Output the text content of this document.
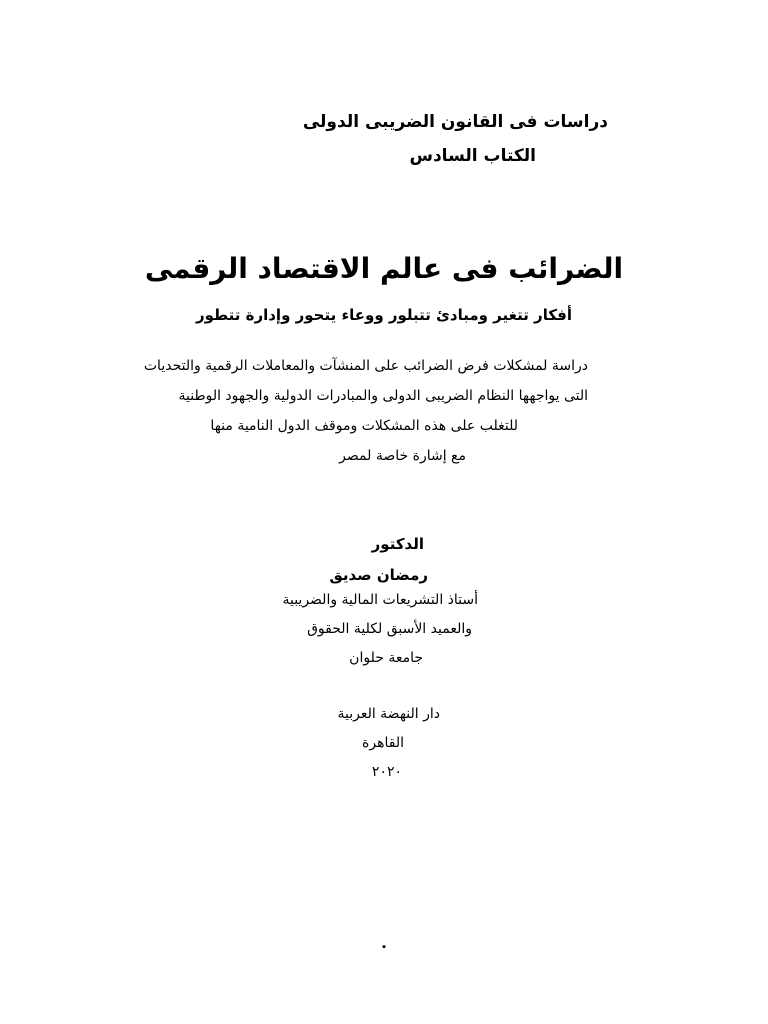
دراسات فى القانون الضريبى الدولى
الكتاب السادس
الضرائب فى عالم الاقتصاد الرقمى
أفكار تتغير ومبادئ تتبلور ووعاء يتحور وإدارة تتطور
دراسة لمشكلات فرض الضرائب على المنشآت والمعاملات الرقمية والتحديات
التى يواجهها النظام الضريبى الدولى والمبادرات الدولية والجهود الوطنية
للتغلب على هذه المشكلات وموقف الدول النامية منها
مع إشارة خاصة لمصر
الدكتور
رمضان صديق
أستاذ التشريعات المالية والضريبية
والعميد الأسبق لكلية الحقوق
جامعة حلوان
دار النهضة العربية
القاهرة
٢٠٢٠
٠
